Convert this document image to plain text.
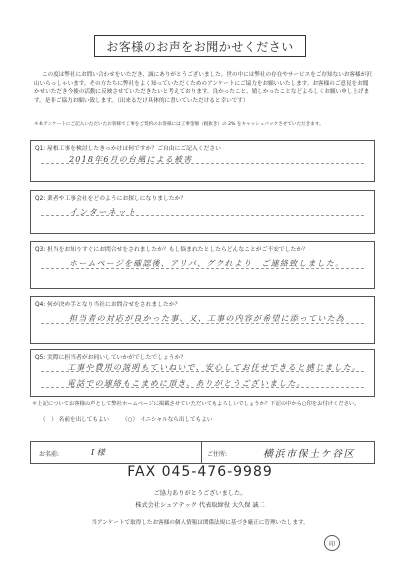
お客様のお声をお聞かせください
この度は弊社にお問い合わせをいただき、誠にありがとうございました。世の中には弊社の存在やサービスをご存知ないお客様が沢山いらっしゃいます。その方たちに弊社をよく知っていただくためのアンケートにご協力をお願いいたします。お客様のご意見をお聞かせいただき今後の活動に反映させていただきたいと考えております。良かったこと、嬉しかったことなどよろしくお願い申し上げます。是非ご協力お願い致します。（出来るだけ具体的に書いていただけると幸いです）
＊本アンケートにご記入いただいたお客様で工事をご契約のお客様には工事金額（税抜き）の 2% をキャッシュバックさせていただきます。
Q1: 屋根工事を検討したきっかけは何ですか？ご自由にご記入ください
2018年6月の台風による被害
Q2: 業者や工事会社をどのようにお探しになりましたか？
インターネット
Q3: 担当をお知りすぐにお問合せをされましたか？もし悩まれたとしたらどんなことがご不安でしたか？
ホームページを確認後、アリバ、グクれより　ご連絡致しました。
Q4: 何が決め手となり当社にお問合せをされましたか？
担当者の対応が良かった事、又、工事の内容が希望に添っていた為
Q5: 実際に担当者がお伺いしていかがでしたでしょうか？
工事や費用の説明もていねいで、安心してお任せできると感じました。
電話での連絡もこまめに頂き、ありがとうございました。
＊上記についてお客様の声として弊社ホームページに掲載させていただいてもよろしいでしょうか？下記の中から○印をお付けください。
（　） 名前を出してもよい （○） イニシャルなら出してもよい
お名前:	I 様	ご住所:	横浜市保土ケ谷区
FAX 045-476-9989
ご協力ありがとうございました。
株式会社シェアテック 代表取締役 大久保 誠二
当アンケートで取得したお客様の個人情報は関係法規に基づき厳正に管理いたします。
印
